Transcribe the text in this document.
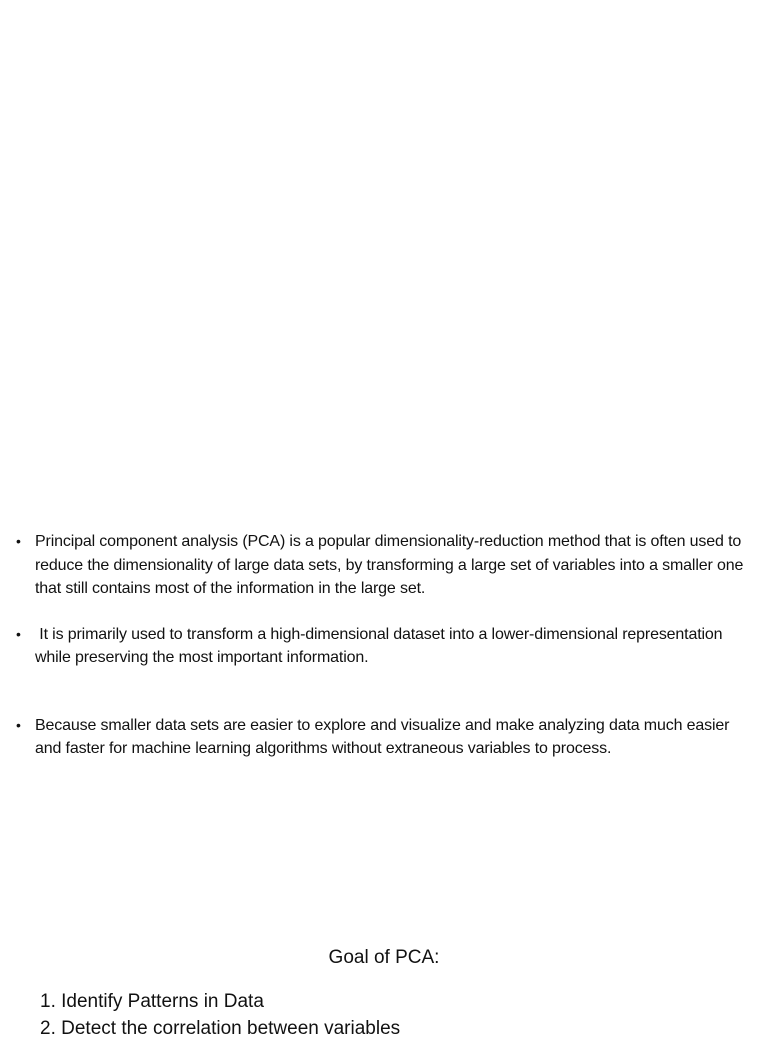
• Principal component analysis (PCA) is a popular dimensionality-reduction method that is often used to reduce the dimensionality of large data sets, by transforming a large set of variables into a smaller one that still contains most of the information in the large set.
• It is primarily used to transform a high-dimensional dataset into a lower-dimensional representation while preserving the most important information.
• Because smaller data sets are easier to explore and visualize and make analyzing data much easier and faster for machine learning algorithms without extraneous variables to process.
Goal of PCA:
1. Identify Patterns in Data
2. Detect the correlation between variables
